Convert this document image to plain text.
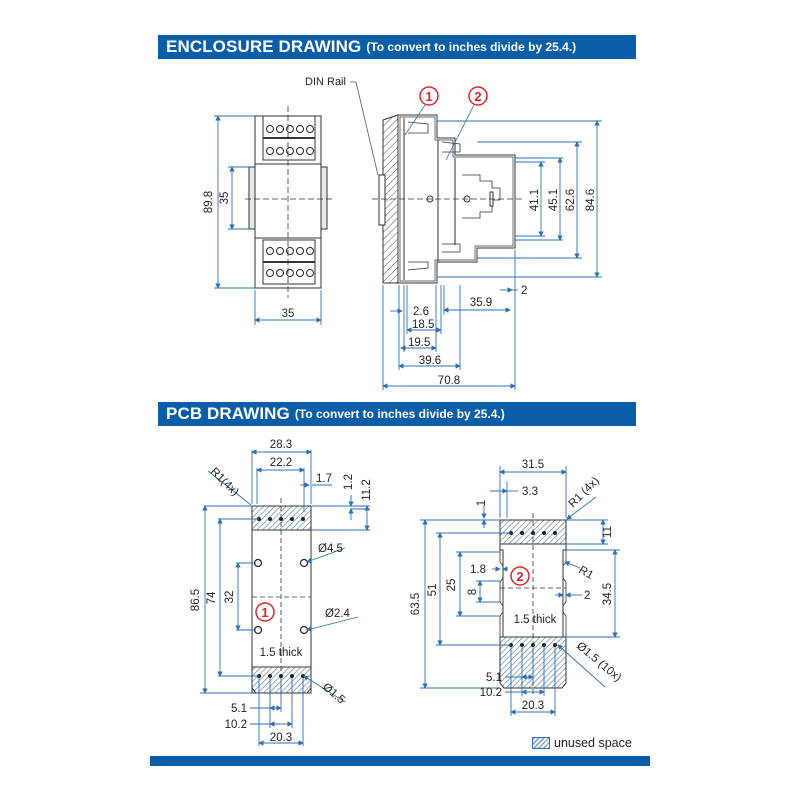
ENCLOSURE DRAWING (To convert to inches divide by 25.4.)
PCB DRAWING (To convert to inches divide by 25.4.)
89.8 35
35
DIN Rail
1	2
41.1 45.1 62.6 84.6
2.6
18.5
19.5
39.6
70.8
35.9
2
28.3
22.2
1.7 1.2 11.2
R1(4x)
Ø4.5
Ø2.4
Ø1.5
86.5 74 32
1.5 thick
5.1
10.2
20.3
1
31.5
3.3
1	R1 (4x)
11
R1
1.8
2
63.5
51 25
8	34.5
1.5 thick
Ø1.5 (10x)
5.1
10.2
20.3
2
unused space
